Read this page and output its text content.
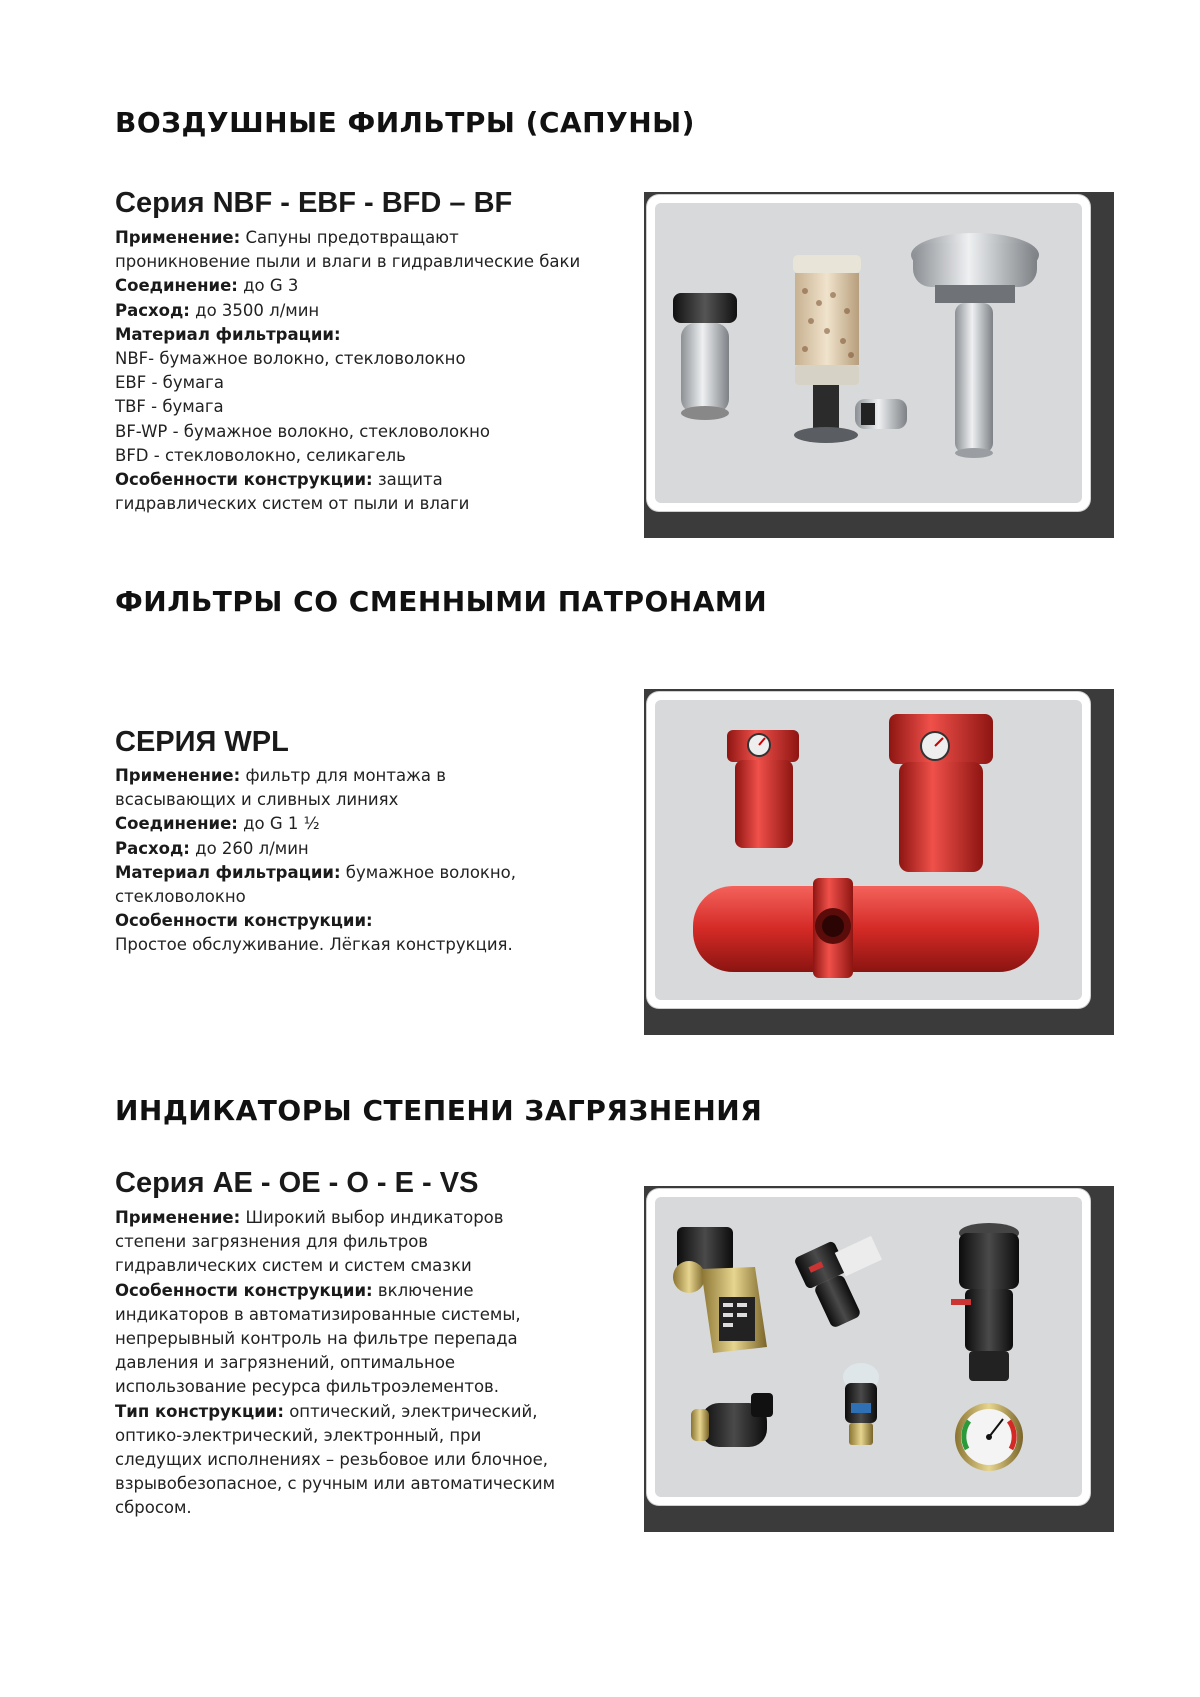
ВОЗДУШНЫЕ ФИЛЬТРЫ (САПУНЫ)
Серия NBF - EBF - BFD – BF
Применение: Сапуны предотвращают
проникновение пыли и влаги в гидравлические баки
Соединение: до G 3
Расход: до 3500 л/мин
Материал фильтрации:
NBF- бумажное волокно, стекловолокно
EBF - бумага
TBF - бумага
BF-WP - бумажное волокно, стекловолокно
BFD - стекловолокно, селикагель
Особенности конструкции: защита
гидравлических систем от пыли и влаги
ФИЛЬТРЫ СО СМЕННЫМИ ПАТРОНАМИ
СЕРИЯ WPL
Применение: фильтр для монтажа в
всасывающих и сливных линиях
Соединение: до G 1 ½
Расход: до 260 л/мин
Материал фильтрации: бумажное волокно,
стекловолокно
Особенности конструкции:
Простое обслуживание. Лёгкая конструкция.
ИНДИКАТОРЫ СТЕПЕНИ ЗАГРЯЗНЕНИЯ
Серия AE - OE - O - E - VS
Применение: Широкий выбор индикаторов
степени загрязнения для фильтров
гидравлических систем и систем смазки
Особенности конструкции: включение
индикаторов в автоматизированные системы,
непрерывный контроль на фильтре перепада
давления и загрязнений, оптимальное
использование ресурса фильтроэлементов.
Тип конструкции: оптический, электрический,
оптико-электрический, электронный, при
следущих исполнениях – резьбовое или блочное,
взрывобезопасное, с ручным или автоматическим
сбросом.
